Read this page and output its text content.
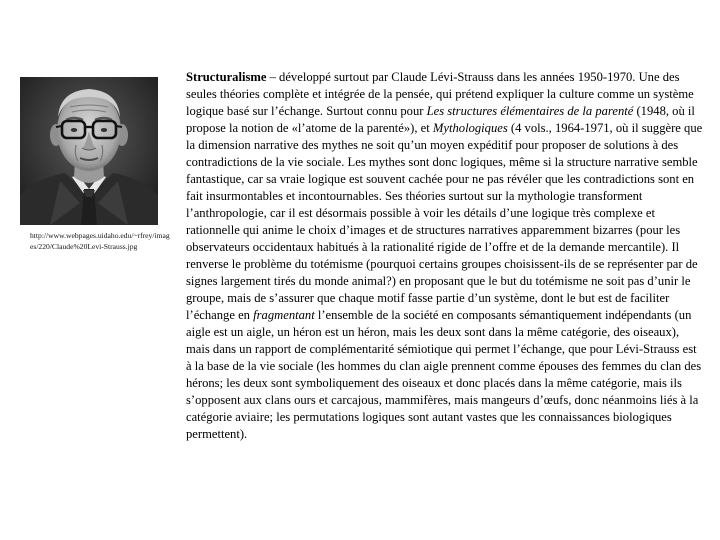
http://www.webpages.uidaho.edu/~rfrey/images/220/Claude%20Levi-Strauss.jpg
Structuralisme – développé surtout par Claude Lévi-Strauss dans les années 1950-1970. Une des seules théories complète et intégrée de la pensée, qui prétend expliquer la culture comme un système logique basé sur l’échange. Surtout connu pour Les structures élémentaires de la parenté (1948, où il propose la notion de «l’atome de la parenté»), et Mythologiques (4 vols., 1964-1971, où il suggère que la dimension narrative des mythes ne soit qu’un moyen expéditif pour proposer de solutions à des contradictions de la vie sociale. Les mythes sont donc logiques, même si la structure narrative semble fantastique, car sa vraie logique est souvent cachée pour ne pas révéler que les contradictions sont en fait insurmontables et incontournables. Ses théories surtout sur la mythologie transforment l’anthropologie, car il est désormais possible à voir les détails d’une logique très complexe et rationnelle qui anime le choix d’images et de structures narratives apparemment bizarres (pour les observateurs occidentaux habitués à la rationalité rigide de l’offre et de la demande mercantile). Il renverse le problème du totémisme (pourquoi certains groupes choisissent-ils de se représenter par de signes largement tirés du monde animal?) en proposant que le but du totémisme ne soit pas d’unir le groupe, mais de s’assurer que chaque motif fasse partie d’un système, dont le but est de faciliter l’échange en fragmentant l’ensemble de la société en composants sémantiquement indépendants (un aigle est un aigle, un héron est un héron, mais les deux sont dans la même catégorie, des oiseaux), mais dans un rapport de complémentarité sémiotique qui permet l’échange, que pour Lévi-Strauss est à la base de la vie sociale (les hommes du clan aigle prennent comme épouses des femmes du clan des hérons; les deux sont symboliquement des oiseaux et donc placés dans la même catégorie, mais ils s’opposent aux clans ours et carcajous, mammifères, mais mangeurs d’œufs, donc néanmoins liés à la catégorie aviaire; les permutations logiques sont autant vastes que les connaissances biologiques permettent).
